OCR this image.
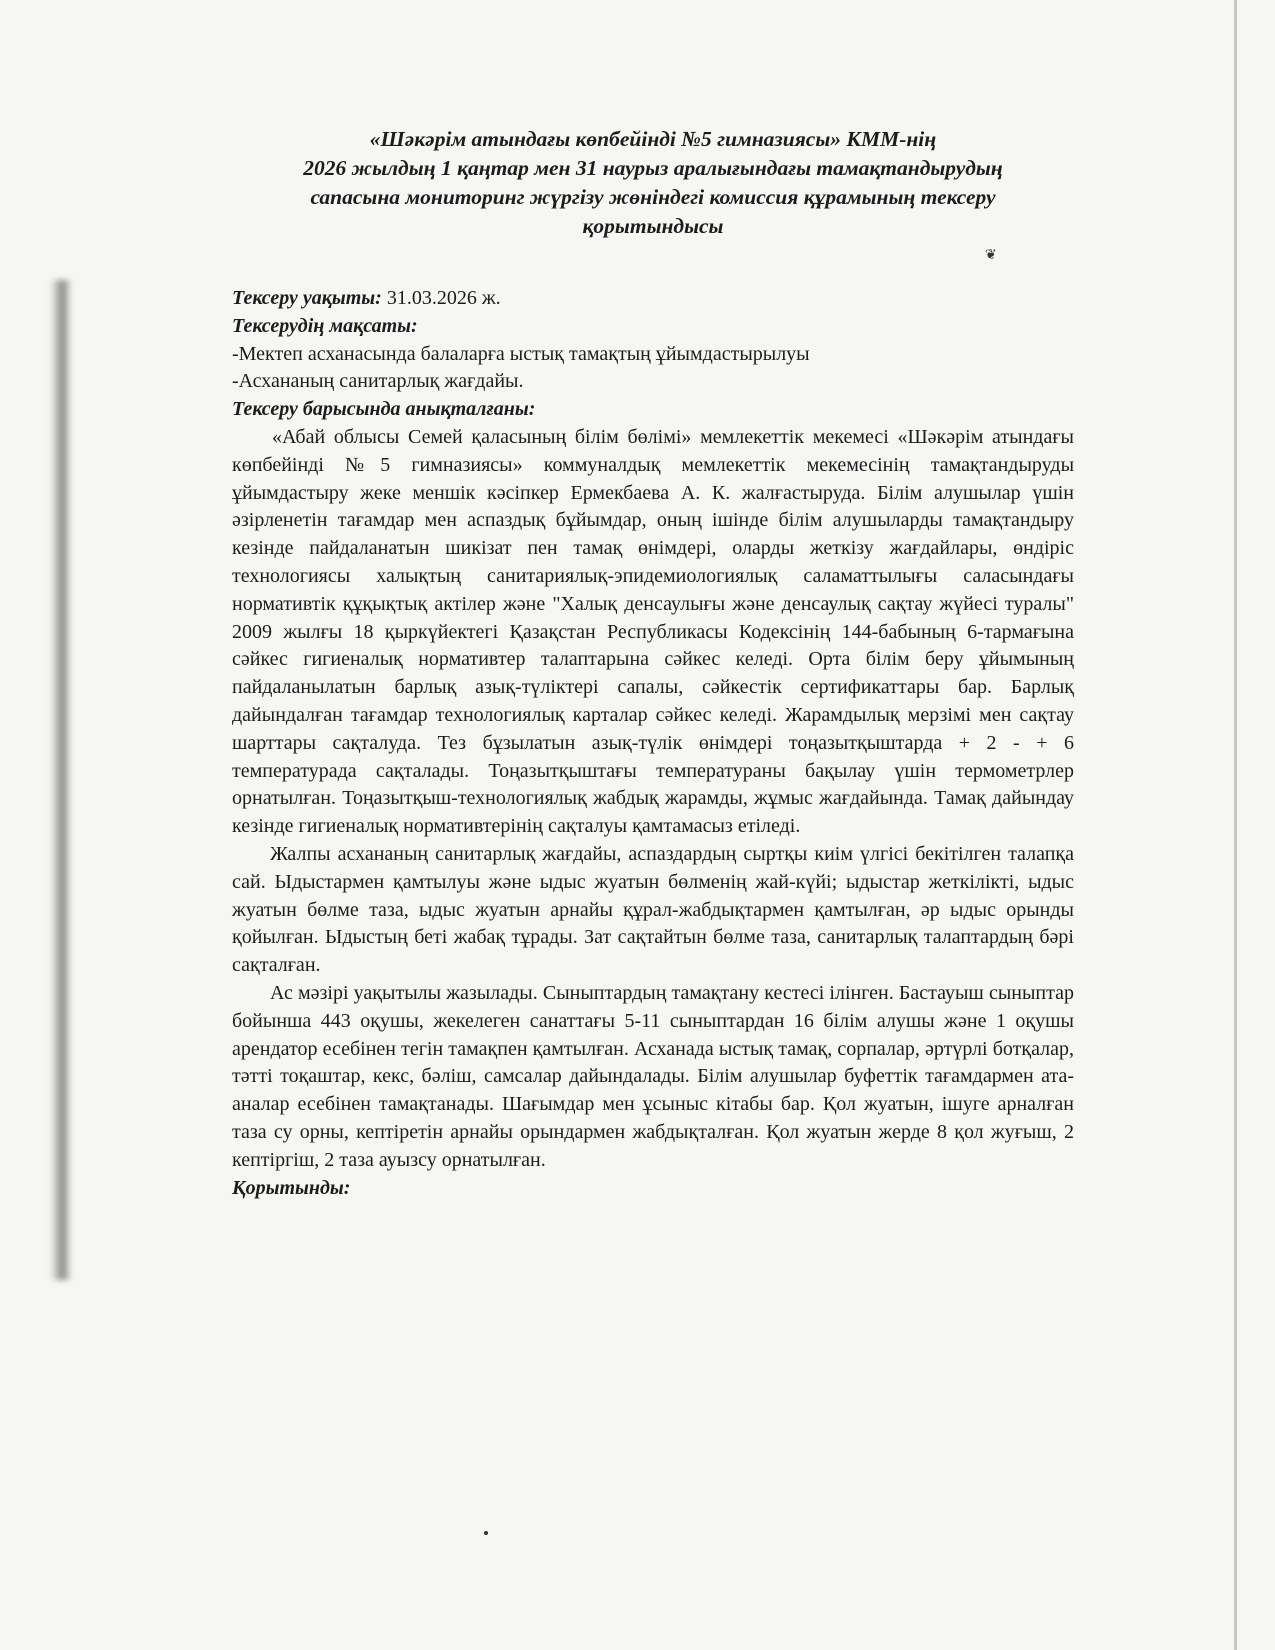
❦
«Шәкәрім атындағы көпбейінді №5 гимназиясы» КММ-нің
2026 жылдың 1 қаңтар мен 31 наурыз аралығындағы тамақтандырудың
сапасына мониторинг жүргізу жөніндегі комиссия құрамының тексеру
қорытындысы

Тексеру уақыты: 31.03.2026 ж.

Тексерудің мақсаты:

-Мектеп асханасында балаларға ыстық тамақтың ұйымдастырылуы

-Асхананың санитарлық жағдайы.

Тексеру барысында анықталғаны:

«Абай облысы Семей қаласының білім бөлімі» мемлекеттік мекемесі «Шәкәрім атындағы көпбейінді №5 гимназиясы» коммуналдық мемлекеттік мекемесінің тамақтандыруды ұйымдастыру жеке меншік кәсіпкер Ермекбаева А. К. жалғастыруда. Білім алушылар үшін әзірленетін тағамдар мен аспаздық бұйымдар, оның ішінде білім алушыларды тамақтандыру кезінде пайдаланатын шикізат пен тамақ өнімдері, оларды жеткізу жағдайлары, өндіріс технологиясы халықтың санитариялық-эпидемиологиялық саламаттылығы саласындағы нормативтік құқықтық актілер және "Халық денсаулығы және денсаулық сақтау жүйесі туралы" 2009 жылғы 18 қыркүйектегі Қазақстан Республикасы Кодексінің 144-бабының 6-тармағына сәйкес гигиеналық нормативтер талаптарына сәйкес келеді. Орта білім беру ұйымының пайдаланылатын барлық азық-түліктері сапалы, сәйкестік сертификаттары бар. Барлық дайындалған тағамдар технологиялық карталар сәйкес келеді. Жарамдылық мерзімі мен сақтау шарттары сақталуда. Тез бұзылатын азық-түлік өнімдері тоңазытқыштарда + 2 - + 6 температурада сақталады. Тоңазытқыштағы температураны бақылау үшін термометрлер орнатылған. Тоңазытқыш-технологиялық жабдық жарамды, жұмыс жағдайында. Тамақ дайындау кезінде гигиеналық нормативтерінің сақталуы қамтамасыз етіледі.

Жалпы асхананың санитарлық жағдайы, аспаздардың сыртқы киім үлгісі бекітілген талапқа сай. Ыдыстармен қамтылуы және ыдыс жуатын бөлменің жай-күйі; ыдыстар жеткілікті, ыдыс жуатын бөлме таза, ыдыс жуатын арнайы құрал-жабдықтармен қамтылған, әр ыдыс орынды қойылған. Ыдыстың беті жабақ тұрады. Зат сақтайтын бөлме таза, санитарлық талаптардың бәрі сақталған.

Ас мәзірі уақытылы жазылады. Сыныптардың тамақтану кестесі ілінген. Бастауыш сыныптар бойынша 443 оқушы, жекелеген санаттағы 5-11 сыныптардан 16 білім алушы және 1 оқушы арендатор есебінен тегін тамақпен қамтылған. Асханада ыстық тамақ, сорпалар, әртүрлі ботқалар, тәтті тоқаштар, кекс, бәліш, самсалар дайындалады. Білім алушылар буфеттік тағамдармен ата-аналар есебінен тамақтанады. Шағымдар мен ұсыныс кітабы бар. Қол жуатын, ішуге арналған таза су орны, кептіретін арнайы орындармен жабдықталған. Қол жуатын жерде 8 қол жуғыш, 2 кептіргіш, 2 таза ауызсу орнатылған.

Қорытынды:
